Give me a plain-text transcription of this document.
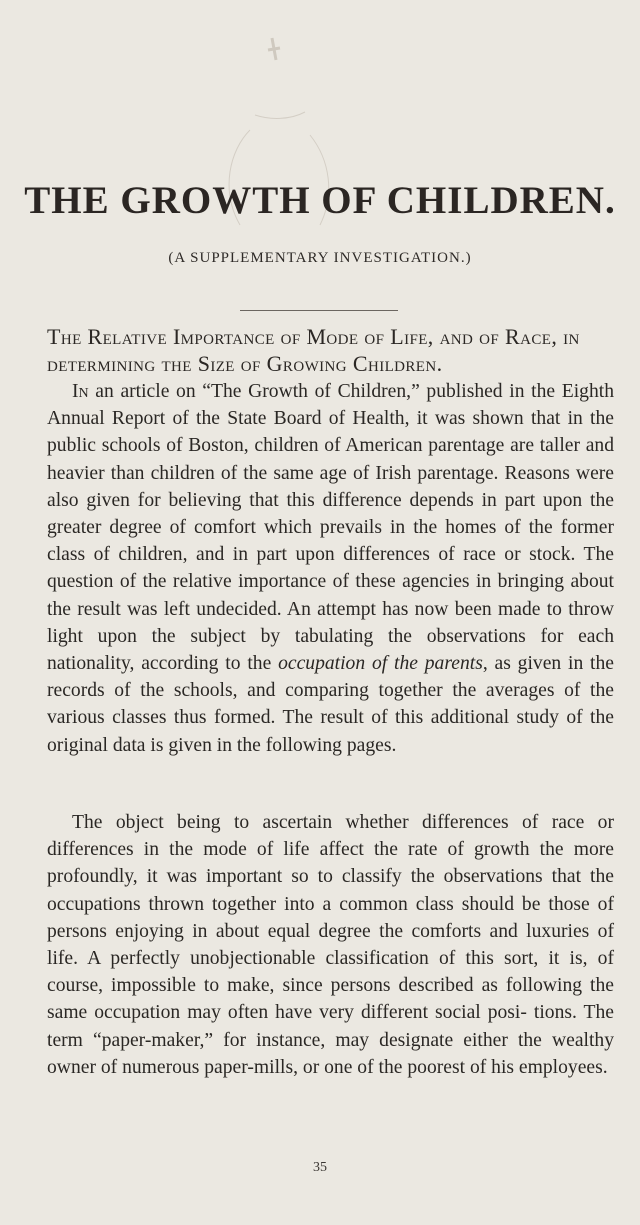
THE GROWTH OF CHILDREN.

(A SUPPLEMENTARY INVESTIGATION.)

The Relative Importance of Mode of Life, and of Race, in determining the Size of Growing Children.

In an article on “The Growth of Children,” published in the Eighth Annual Report of the State Board of Health, it was shown that in the public schools of Boston, children of American parentage are taller and heavier than children of the same age of Irish parentage. Reasons were also given for believing that this difference depends in part upon the greater degree of comfort which prevails in the homes of the former class of children, and in part upon differences of race or stock. The question of the relative importance of these agencies in bringing about the result was left undecided. An attempt has now been made to throw light upon the subject by tabulating the observations for each nationality, according to the occupation of the parents, as given in the records of the schools, and comparing together the averages of the various classes thus formed. The result of this additional study of the original data is given in the following pages.

The object being to ascertain whether differences of race or differences in the mode of life affect the rate of growth the more profoundly, it was important so to classify the observations that the occupations thrown together into a common class should be those of persons enjoying in about equal degree the comforts and luxuries of life. A perfectly unobjectionable classification of this sort, it is, of course, impossible to make, since persons described as following the same occupation may often have very different social posi- tions. The term “paper-maker,” for instance, may designate either the wealthy owner of numerous paper-mills, or one of the poorest of his employees.

35
